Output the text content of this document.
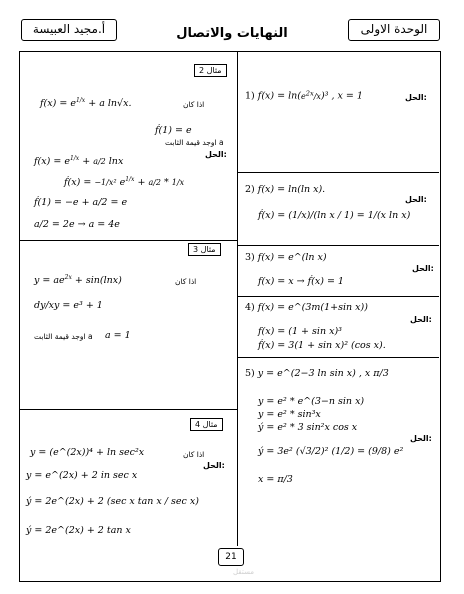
أ.مجيد العبيسة	النهايات والاتصال	الوحدة الاولى
مثال 2
اذا كان
$f(x) = e^{1/x} + a$ ln√x.
f́(1) = e
اوجد قيمة الثابت a
الحل:
$f(x) = e^{1/x} + a/2$ lnx
f́(x) = −1/x² $e^{1/x} + a/2 * 1/x$
f́(1) = −e + a/2 = e
a/2 = 2e → a = 4e
مثال 3
اذا كان
$y = ae^{2x} + \sin(\ln x)$
dy/xy = e³ + 1
اوجد قيمة الثابت a a = 1
مثال 4
اذا كان
الحل:
y = (e^(2x))⁴ + ln sec²x
y = e^(2x) + 2 in sec x
ý = 2e^(2x) + 2 (sec x tan x / sec x)
ý = 2e^(2x) + 2 tan x
1) $f(x) = \ln(e^{2x}/x)^3$ , x = 1	الحل:
2) f(x) = ln(ln x).
الحل:
f́(x) = (1/x)/(ln x / 1) = 1/(x ln x)
3) f(x) = e^(ln x)
الحل:
f(x) = x → f́(x) = 1
4) f(x) = e^(3m(1+sin x))
الحل:
f(x) = (1 + sin x)³
f́(x) = 3(1 + sin x)² (cos x).
5) y = e^(2−3 ln sin x) , x π/3
y = e² * e^(3−n sin x)
y = e² * sin³x
ý = e² * 3 sin²x cos x
ý = 3e² (√3/2)² (1/2) = (9/8) e²
x = π/3
الحل:
21
مستقل
